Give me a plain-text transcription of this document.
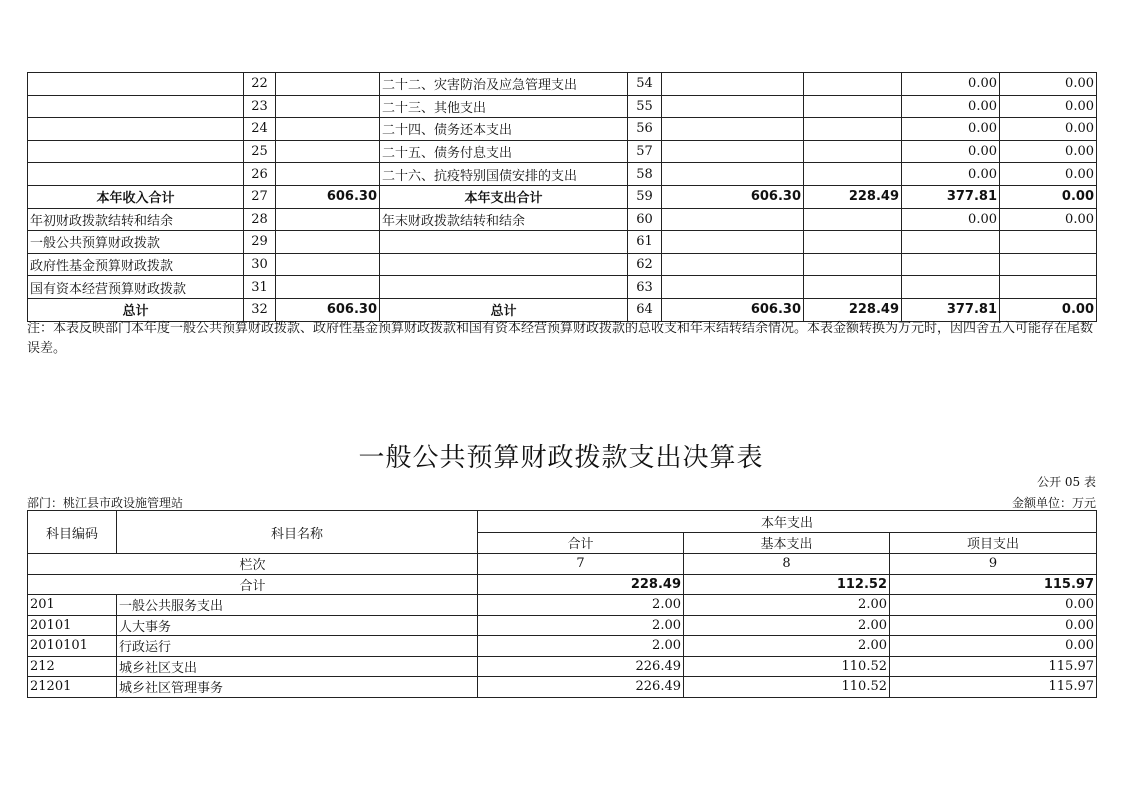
	22		二十二、灾害防治及应急管理支出	54			0.00	0.00
	23		二十三、其他支出	55			0.00	0.00
	24		二十四、债务还本支出	56			0.00	0.00
	25		二十五、债务付息支出	57			0.00	0.00
	26		二十六、抗疫特别国债安排的支出	58			0.00	0.00
本年收入合计	27	606.30	本年支出合计	59	606.30	228.49	377.81	0.00
年初财政拨款结转和结余	28		年末财政拨款结转和结余	60			0.00	0.00
一般公共预算财政拨款	29			61				
政府性基金预算财政拨款	30			62				
国有资本经营预算财政拨款	31			63				
总计	32	606.30	总计	64	606.30	228.49	377.81	0.00
注：本表反映部门本年度一般公共预算财政拨款、政府性基金预算财政拨款和国有资本经营预算财政拨款的总收支和年末结转结余情况。本表金额转换为万元时，因四舍五入可能存在尾数误差。
一般公共预算财政拨款支出决算表
公开 05 表
部门：桃江县市政设施管理站	金额单位：万元
科目编码	科目名称	本年支出		
		合计	基本支出	项目支出
栏次		7	8	9
合计		228.49	112.52	115.97
201	一般公共服务支出	2.00	2.00	0.00
20101	人大事务	2.00	2.00	0.00
2010101	行政运行	2.00	2.00	0.00
212	城乡社区支出	226.49	110.52	115.97
21201	城乡社区管理事务	226.49	110.52	115.97
